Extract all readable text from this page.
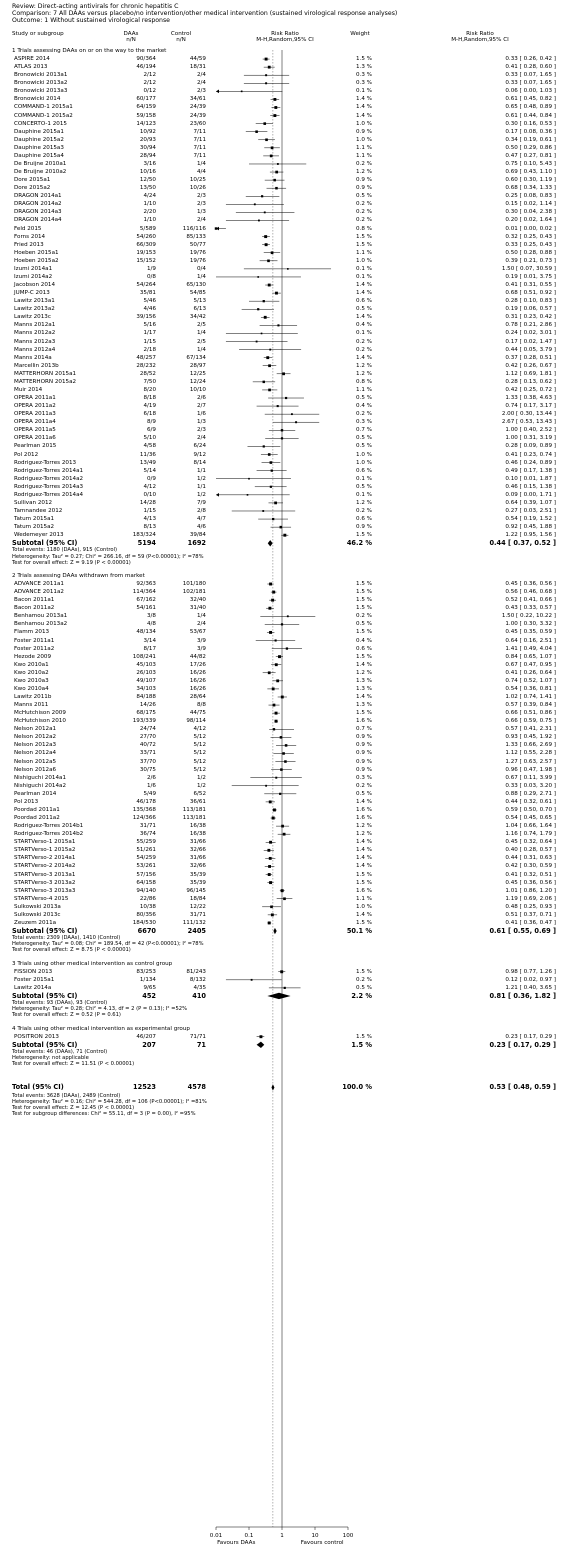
Review: Direct-acting antivirals for chronic hepatitis C
Comparison: 7 All DAAs versus placebo/no intervention/other medical intervention (sustained virological response analyses)
Outcome: 1 Without sustained virological response
Study or subgroup	DAAs
n/N
Control
n/N
Risk Ratio
M-H,Random,95% CI
Weight	Risk Ratio
M-H,Random,95% CI
1 Trials assessing DAAs on or on the way to the market
ASPIRE 2014	90/364	44/59	1.5 %	0.33 [ 0.26, 0.42 ]
ATLAS 2013	46/194	18/31	1.3 %	0.41 [ 0.28, 0.60 ]
Bronowicki 2013a1	2/12	2/4	0.3 %	0.33 [ 0.07, 1.65 ]
Bronowicki 2013a2	2/12	2/4	0.3 %	0.33 [ 0.07, 1.65 ]
Bronowicki 2013a3	0/12	2/3	0.1 %	0.06 [ 0.00, 1.03 ]
Bronowicki 2014	60/177	34/61	1.4 %	0.61 [ 0.45, 0.82 ]
COMMAND-1 2015a1	64/159	24/39	1.4 %	0.65 [ 0.48, 0.89 ]
COMMAND-1 2015a2	59/158	24/39	1.4 %	0.61 [ 0.44, 0.84 ]
CONCERTO-1 2015	14/123	23/60	1.0 %	0.30 [ 0.16, 0.53 ]
Dauphine 2015a1	10/92	7/11	0.9 %	0.17 [ 0.08, 0.36 ]
Dauphine 2015a2	20/93	7/11	1.0 %	0.34 [ 0.19, 0.61 ]
Dauphine 2015a3	30/94	7/11	1.1 %	0.50 [ 0.29, 0.86 ]
Dauphine 2015a4	28/94	7/11	1.1 %	0.47 [ 0.27, 0.81 ]
De Bruijne 2010a1	3/16	1/4	0.2 %	0.75 [ 0.10, 5.43 ]
De Bruijne 2010a2	10/16	4/4	1.2 %	0.69 [ 0.43, 1.10 ]
Dore 2015a1	12/50	10/25	0.9 %	0.60 [ 0.30, 1.19 ]
Dore 2015a2	13/50	10/26	0.9 %	0.68 [ 0.34, 1.33 ]
DRAGON 2014a1	4/24	2/3	0.5 %	0.25 [ 0.08, 0.83 ]
DRAGON 2014a2	1/10	2/3	0.2 %	0.15 [ 0.02, 1.14 ]
DRAGON 2014a3	2/20	1/3	0.2 %	0.30 [ 0.04, 2.38 ]
DRAGON 2014a4	1/10	2/4	0.2 %	0.20 [ 0.02, 1.64 ]
Feld 2015	5/589	116/116	0.8 %	0.01 [ 0.00, 0.02 ]
Forns 2014	54/260	85/133	1.5 %	0.32 [ 0.25, 0.43 ]
Fried 2013	66/309	50/77	1.5 %	0.33 [ 0.25, 0.43 ]
Hoeben 2015a1	19/153	19/76	1.1 %	0.50 [ 0.28, 0.88 ]
Hoeben 2015a2	15/152	19/76	1.0 %	0.39 [ 0.21, 0.73 ]
Izumi 2014a1	1/9	0/4	0.1 %	1.50 [ 0.07, 30.59 ]
Izumi 2014a2	0/8	1/4	0.1 %	0.19 [ 0.01, 3.75 ]
Jacobson 2014	54/264	65/130	1.4 %	0.41 [ 0.31, 0.55 ]
JUMP-C 2013	35/81	54/85	1.4 %	0.68 [ 0.51, 0.92 ]
Lawitz 2013a1	5/46	5/13	0.6 %	0.28 [ 0.10, 0.83 ]
Lawitz 2013a2	4/46	6/13	0.5 %	0.19 [ 0.06, 0.57 ]
Lawitz 2013c	39/156	34/42	1.4 %	0.31 [ 0.23, 0.42 ]
Manns 2012a1	5/16	2/5	0.4 %	0.78 [ 0.21, 2.86 ]
Manns 2012a2	1/17	1/4	0.1 %	0.24 [ 0.02, 3.01 ]
Manns 2012a3	1/15	2/5	0.2 %	0.17 [ 0.02, 1.47 ]
Manns 2012a4	2/18	1/4	0.2 %	0.44 [ 0.05, 3.79 ]
Manns 2014a	48/257	67/134	1.4 %	0.37 [ 0.28, 0.51 ]
Marcellin 2013b	28/232	28/97	1.2 %	0.42 [ 0.26, 0.67 ]
MATTERHORN 2015a1	28/52	12/25	1.2 %	1.12 [ 0.69, 1.81 ]
MATTERHORN 2015a2	7/50	12/24	0.8 %	0.28 [ 0.13, 0.62 ]
Muir 2014	8/20	10/10	1.1 %	0.42 [ 0.25, 0.72 ]
OPERA 2011a1	8/18	2/6	0.5 %	1.33 [ 0.38, 4.63 ]
OPERA 2011a2	4/19	2/7	0.4 %	0.74 [ 0.17, 3.17 ]
OPERA 2011a3	6/18	1/6	0.2 %	2.00 [ 0.30, 13.44 ]
OPERA 2011a4	8/9	1/3	0.3 %	2.67 [ 0.53, 13.43 ]
OPERA 2011a5	6/9	2/3	0.7 %	1.00 [ 0.40, 2.52 ]
OPERA 2011a6	5/10	2/4	0.5 %	1.00 [ 0.31, 3.19 ]
Pearlman 2015	4/58	6/24	0.5 %	0.28 [ 0.09, 0.89 ]
Pol 2012	11/36	9/12	1.0 %	0.41 [ 0.23, 0.74 ]
Rodriguez-Torres 2013	13/49	8/14	1.0 %	0.46 [ 0.24, 0.89 ]
Rodriguez-Torres 2014a1	5/14	1/1	0.6 %	0.49 [ 0.17, 1.38 ]
Rodriguez-Torres 2014a2	0/9	1/2	0.1 %	0.10 [ 0.01, 1.87 ]
Rodriguez-Torres 2014a3	4/12	1/1	0.5 %	0.46 [ 0.15, 1.38 ]
Rodriguez-Torres 2014a4	0/10	1/2	0.1 %	0.09 [ 0.00, 1.71 ]
Sullivan 2012	14/28	7/9	1.2 %	0.64 [ 0.39, 1.07 ]
Tamnandee 2012	1/15	2/8	0.2 %	0.27 [ 0.03, 2.51 ]
Tatum 2015a1	4/13	4/7	0.6 %	0.54 [ 0.19, 1.52 ]
Tatum 2015a2	8/13	4/6	0.9 %	0.92 [ 0.45, 1.88 ]
Wedemeyer 2013	183/324	39/84	1.5 %	1.22 [ 0.95, 1.56 ]
Subtotal (95% CI)	5194	1692	46.2 %	0.44 [ 0.37, 0.52 ]
Total events: 1180 (DAAs), 915 (Control)
Heterogeneity: Tau² = 0.27; Chi² = 266.16, df = 59 (P<0.00001); I² =78%
Test for overall effect: Z = 9.19 (P < 0.00001)
2 Trials assessing DAAs withdrawn from market
ADVANCE 2011a1	92/363	101/180	1.5 %	0.45 [ 0.36, 0.56 ]
ADVANCE 2011a2	114/364	102/181	1.5 %	0.56 [ 0.46, 0.68 ]
Bacon 2011a1	67/162	32/40	1.5 %	0.52 [ 0.41, 0.66 ]
Bacon 2011a2	54/161	31/40	1.5 %	0.43 [ 0.33, 0.57 ]
Benhamou 2013a1	3/8	1/4	0.2 %	1.50 [ 0.22, 10.22 ]
Benhamou 2013a2	4/8	2/4	0.5 %	1.00 [ 0.30, 3.32 ]
Flamm 2013	48/134	53/67	1.5 %	0.45 [ 0.35, 0.59 ]
Foster 2011a1	3/14	3/9	0.4 %	0.64 [ 0.16, 2.51 ]
Foster 2011a2	8/17	3/9	0.6 %	1.41 [ 0.49, 4.04 ]
Hezode 2009	108/241	44/82	1.5 %	0.84 [ 0.65, 1.07 ]
Kwo 2010a1	45/103	17/26	1.4 %	0.67 [ 0.47, 0.95 ]
Kwo 2010a2	26/103	16/26	1.2 %	0.41 [ 0.26, 0.64 ]
Kwo 2010a3	49/107	16/26	1.3 %	0.74 [ 0.52, 1.07 ]
Kwo 2010a4	34/103	16/26	1.3 %	0.54 [ 0.36, 0.81 ]
Lawitz 2011b	84/188	28/64	1.4 %	1.02 [ 0.74, 1.41 ]
Manns 2011	14/26	8/8	1.3 %	0.57 [ 0.39, 0.84 ]
McHutchison 2009	68/175	44/75	1.5 %	0.66 [ 0.51, 0.86 ]
McHutchison 2010	193/339	98/114	1.6 %	0.66 [ 0.59, 0.75 ]
Nelson 2012a1	24/74	4/12	0.7 %	0.57 [ 0.41, 2.31 ]
Nelson 2012a2	27/70	5/12	0.9 %	0.93 [ 0.45, 1.92 ]
Nelson 2012a3	40/72	5/12	0.9 %	1.33 [ 0.66, 2.69 ]
Nelson 2012a4	33/71	5/12	0.9 %	1.12 [ 0.55, 2.28 ]
Nelson 2012a5	37/70	5/12	0.9 %	1.27 [ 0.63, 2.57 ]
Nelson 2012a6	30/75	5/12	0.9 %	0.96 [ 0.47, 1.98 ]
Nishiguchi 2014a1	2/6	1/2	0.3 %	0.67 [ 0.11, 3.99 ]
Nishiguchi 2014a2	1/6	1/2	0.2 %	0.33 [ 0.03, 3.20 ]
Pearlman 2014	5/49	6/52	0.5 %	0.88 [ 0.29, 2.71 ]
Pol 2013	46/178	36/61	1.4 %	0.44 [ 0.32, 0.61 ]
Poordad 2011a1	135/368	113/181	1.6 %	0.59 [ 0.50, 0.70 ]
Poordad 2011a2	124/366	113/181	1.6 %	0.54 [ 0.45, 0.65 ]
Rodriguez-Torres 2014b1	31/71	16/38	1.2 %	1.04 [ 0.66, 1.64 ]
Rodriguez-Torres 2014b2	36/74	16/38	1.2 %	1.16 [ 0.74, 1.79 ]
STARTVerso-1 2015a1	55/259	31/66	1.4 %	0.45 [ 0.32, 0.64 ]
STARTVerso-1 2015a2	51/261	32/66	1.4 %	0.40 [ 0.28, 0.57 ]
STARTVerso-2 2014a1	54/259	31/66	1.4 %	0.44 [ 0.31, 0.63 ]
STARTVerso-2 2014a2	53/261	32/66	1.4 %	0.42 [ 0.30, 0.59 ]
STARTVerso-3 2013a1	57/156	35/39	1.5 %	0.41 [ 0.32, 0.51 ]
STARTVerso-3 2013a2	64/158	35/39	1.5 %	0.45 [ 0.36, 0.56 ]
STARTVerso-3 2013a3	94/140	96/145	1.6 %	1.01 [ 0.86, 1.20 ]
STARTVerso-4 2015	22/86	18/84	1.1 %	1.19 [ 0.69, 2.06 ]
Sulkowski 2013a	10/38	12/22	1.0 %	0.48 [ 0.25, 0.93 ]
Sulkowski 2013c	80/356	31/71	1.4 %	0.51 [ 0.37, 0.71 ]
Zeuzem 2011a	184/530	111/132	1.5 %	0.41 [ 0.36, 0.47 ]
Subtotal (95% CI)	6670	2405	50.1 %	0.61 [ 0.55, 0.69 ]
Total events: 2309 (DAAs), 1410 (Control)
Heterogeneity: Tau² = 0.08; Chi² = 189.54, df = 42 (P<0.00001); I² =78%
Test for overall effect: Z = 8.75 (P < 0.00001)
3 Trials using other medical intervention as control group
FISSION 2013	83/253	81/243	1.5 %	0.98 [ 0.77, 1.26 ]
Foster 2015a1	1/134	8/132	0.2 %	0.12 [ 0.02, 0.97 ]
Lawitz 2014a	9/65	4/35	0.5 %	1.21 [ 0.40, 3.65 ]
Subtotal (95% CI)	452	410	2.2 %	0.81 [ 0.36, 1.82 ]
Total events: 93 (DAAs), 93 (Control)
Heterogeneity: Tau² = 0.28; Chi² = 4.13, df = 2 (P = 0.13); I² =52%
Test for overall effect: Z = 0.52 (P = 0.61)
4 Trials using other medical intervention as experimental group
POSITRON 2013	46/207	71/71	1.5 %	0.23 [ 0.17, 0.29 ]
Subtotal (95% CI)	207	71	1.5 %	0.23 [ 0.17, 0.29 ]
Total events: 46 (DAAs), 71 (Control)
Heterogeneity: not applicable
Test for overall effect: Z = 11.51 (P < 0.00001)
Total (95% CI)	12523	4578	100.0 %	0.53 [ 0.48, 0.59 ]
Total events: 3628 (DAAs), 2489 (Control)
Heterogeneity: Tau² = 0.16; Chi² = 544.28, df = 106 (P<0.00001); I² =81%
Test for overall effect: Z = 12.45 (P < 0.00001)
Test for subgroup differences: Chi² = 55.11, df = 3 (P = 0.00), I² =95%
0.01	0.1	1	10	100
Favours DAAs	Favours control
